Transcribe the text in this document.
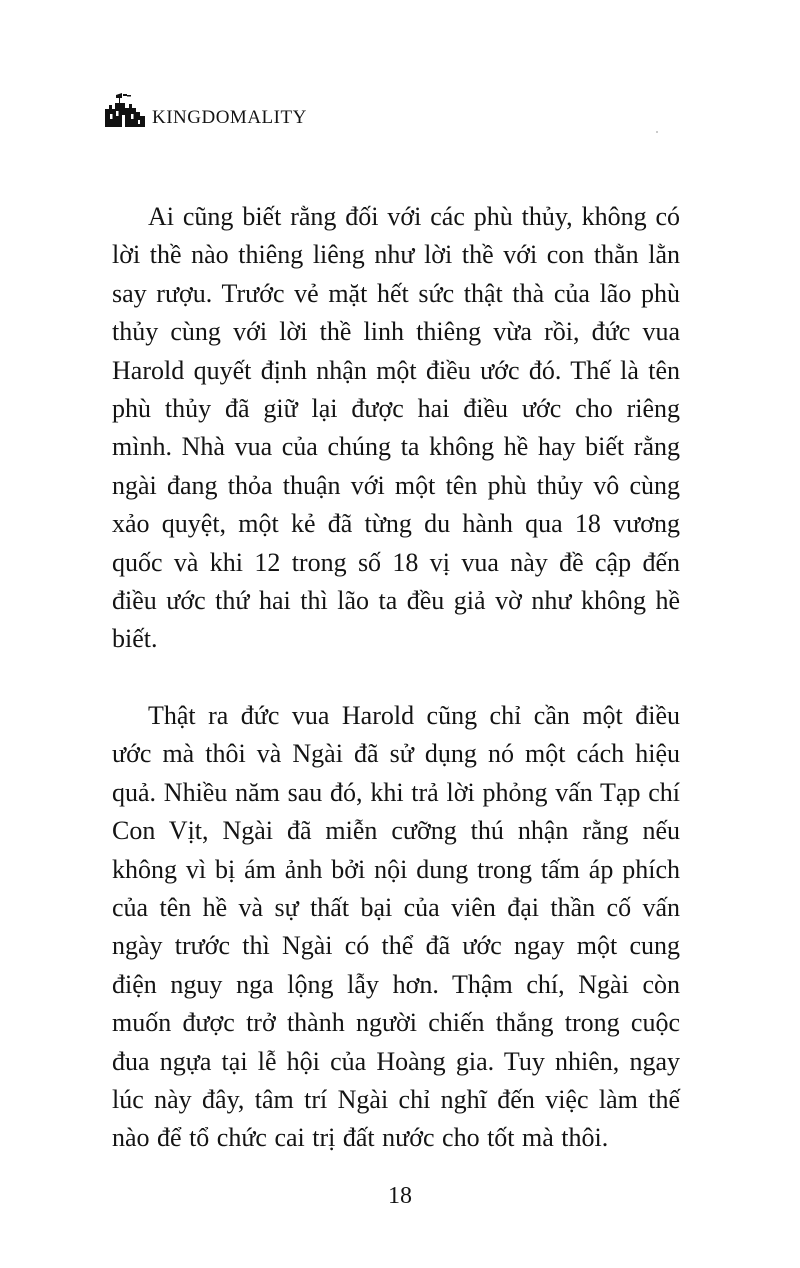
KINGDOMALITY

Ai cũng biết rằng đối với các phù thủy, không có lời thề nào thiêng liêng như lời thề với con thằn lằn say rượu. Trước vẻ mặt hết sức thật thà của lão phù thủy cùng với lời thề linh thiêng vừa rồi, đức vua Harold quyết định nhận một điều ước đó. Thế là tên phù thủy đã giữ lại được hai điều ước cho riêng mình. Nhà vua của chúng ta không hề hay biết rằng ngài đang thỏa thuận với một tên phù thủy vô cùng xảo quyệt, một kẻ đã từng du hành qua 18 vương quốc và khi 12 trong số 18 vị vua này đề cập đến điều ước thứ hai thì lão ta đều giả vờ như không hề biết.

Thật ra đức vua Harold cũng chỉ cần một điều ước mà thôi và Ngài đã sử dụng nó một cách hiệu quả. Nhiều năm sau đó, khi trả lời phỏng vấn Tạp chí Con Vịt, Ngài đã miễn cưỡng thú nhận rằng nếu không vì bị ám ảnh bởi nội dung trong tấm áp phích của tên hề và sự thất bại của viên đại thần cố vấn ngày trước thì Ngài có thể đã ước ngay một cung điện nguy nga lộng lẫy hơn. Thậm chí, Ngài còn muốn được trở thành người chiến thắng trong cuộc đua ngựa tại lễ hội của Hoàng gia. Tuy nhiên, ngay lúc này đây, tâm trí Ngài chỉ nghĩ đến việc làm thế nào để tổ chức cai trị đất nước cho tốt mà thôi.

18
